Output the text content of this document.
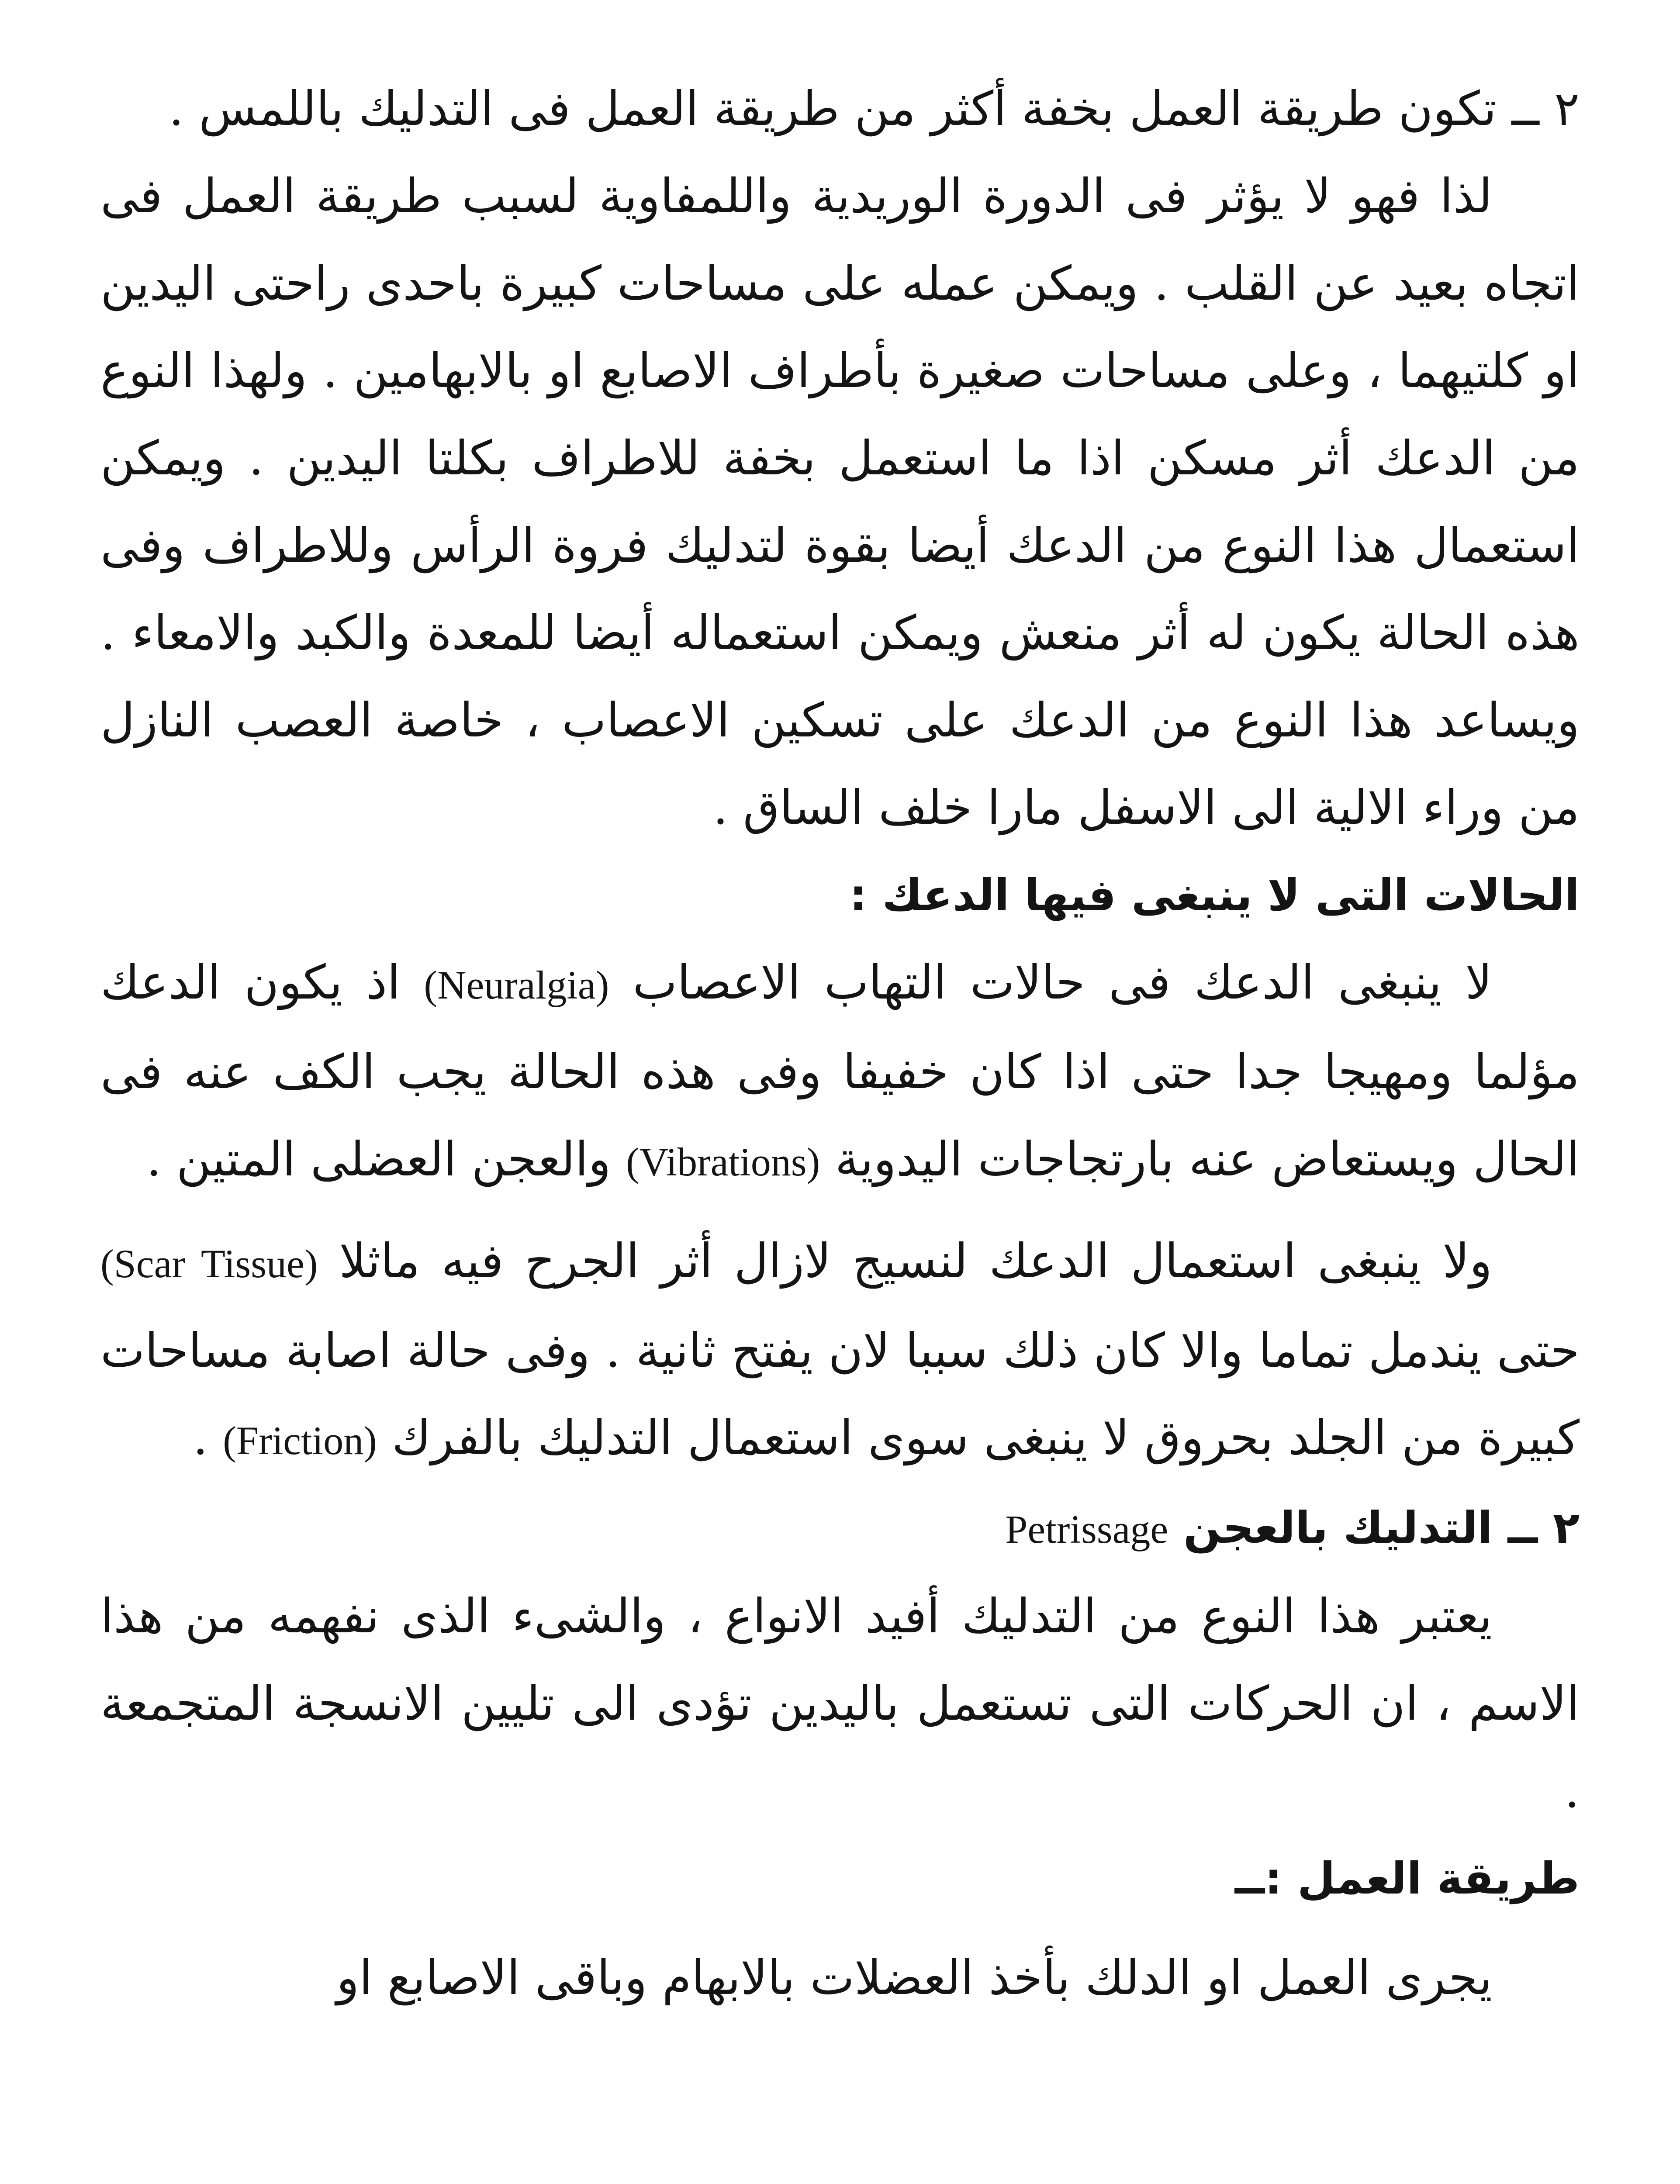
٢ ــ تكون طريقة العمل بخفة أكثر من طريقة العمل فى التدليك باللمس .

لذا فهو لا يؤثر فى الدورة الوريدية واللمفاوية لسبب طريقة العمل فى اتجاه بعيد عن القلب . ويمكن عمله على مساحات كبيرة باحدى راحتى اليدين او كلتيهما ، وعلى مساحات صغيرة بأطراف الاصابع او بالابهامين . ولهذا النوع من الدعك أثر مسكن اذا ما استعمل بخفة للاطراف بكلتا اليدين . ويمكن استعمال هذا النوع من الدعك أيضا بقوة لتدليك فروة الرأس وللاطراف وفى هذه الحالة يكون له أثر منعش ويمكن استعماله أيضا للمعدة والكبد والامعاء . ويساعد هذا النوع من الدعك على تسكين الاعصاب ، خاصة العصب النازل من وراء الالية الى الاسفل مارا خلف الساق .

الحالات التى لا ينبغى فيها الدعك :

لا ينبغى الدعك فى حالات التهاب الاعصاب (Neuralgia) اذ يكون الدعك مؤلما ومهيجا جدا حتى اذا كان خفيفا وفى هذه الحالة يجب الكف عنه فى الحال ويستعاض عنه بارتجاجات اليدوية (Vibrations) والعجن العضلى المتين .

ولا ينبغى استعمال الدعك لنسيج لازال أثر الجرح فيه ماثلا (Scar Tissue) حتى يندمل تماما والا كان ذلك سببا لان يفتح ثانية . وفى حالة اصابة مساحات كبيرة من الجلد بحروق لا ينبغى سوى استعمال التدليك بالفرك (Friction) .

٢ ــ التدليك بالعجن Petrissage

يعتبر هذا النوع من التدليك أفيد الانواع ، والشىء الذى نفهمه من هذا الاسم ، ان الحركات التى تستعمل باليدين تؤدى الى تليين الانسجة المتجمعة .

طريقة العمل :ــ

يجرى العمل او الدلك بأخذ العضلات بالابهام وباقى الاصابع او
